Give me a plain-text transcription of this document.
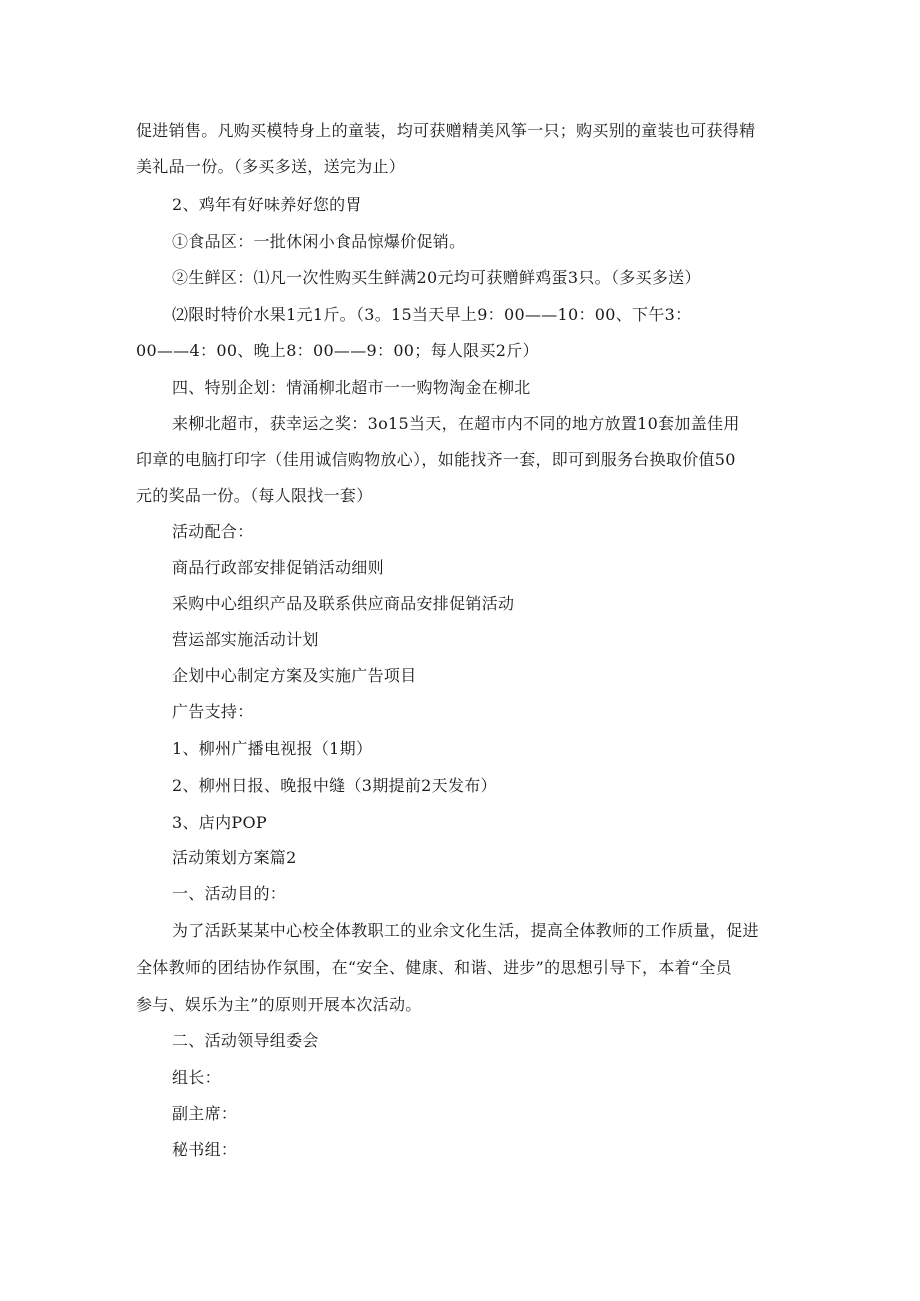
促进销售。凡购买模特身上的童装，均可获赠精美风筝一只；购买别的童装也可获得精
美礼品一份。（多买多送，送完为止）
2、鸡年有好味养好您的胃
①食品区：一批休闲小食品惊爆价促销。
②生鲜区：⑴凡一次性购买生鲜满20元均可获赠鲜鸡蛋3只。（多买多送）
⑵限时特价水果1元1斤。（3。15当天早上9：00——10：00、下午3：
00——4：00、晚上8：00——9：00；每人限买2斤）
四、特别企划：情涌柳北超市一一购物淘金在柳北
来柳北超市，获幸运之奖：3o15当天，在超市内不同的地方放置10套加盖佳用
印章的电脑打印字（佳用诚信购物放心），如能找齐一套，即可到服务台换取价值50
元的奖品一份。（每人限找一套）
活动配合：
商品行政部安排促销活动细则
采购中心组织产品及联系供应商品安排促销活动
营运部实施活动计划
企划中心制定方案及实施广告项目
广告支持：
1、柳州广播电视报（1期）
2、柳州日报、晚报中缝（3期提前2天发布）
3、店内POP
活动策划方案篇2
一、活动目的：
为了活跃某某中心校全体教职工的业余文化生活，提高全体教师的工作质量，促进
全体教师的团结协作氛围，在“安全、健康、和谐、进步”的思想引导下，本着“全员
参与、娱乐为主”的原则开展本次活动。
二、活动领导组委会
组长：
副主席：
秘书组：
